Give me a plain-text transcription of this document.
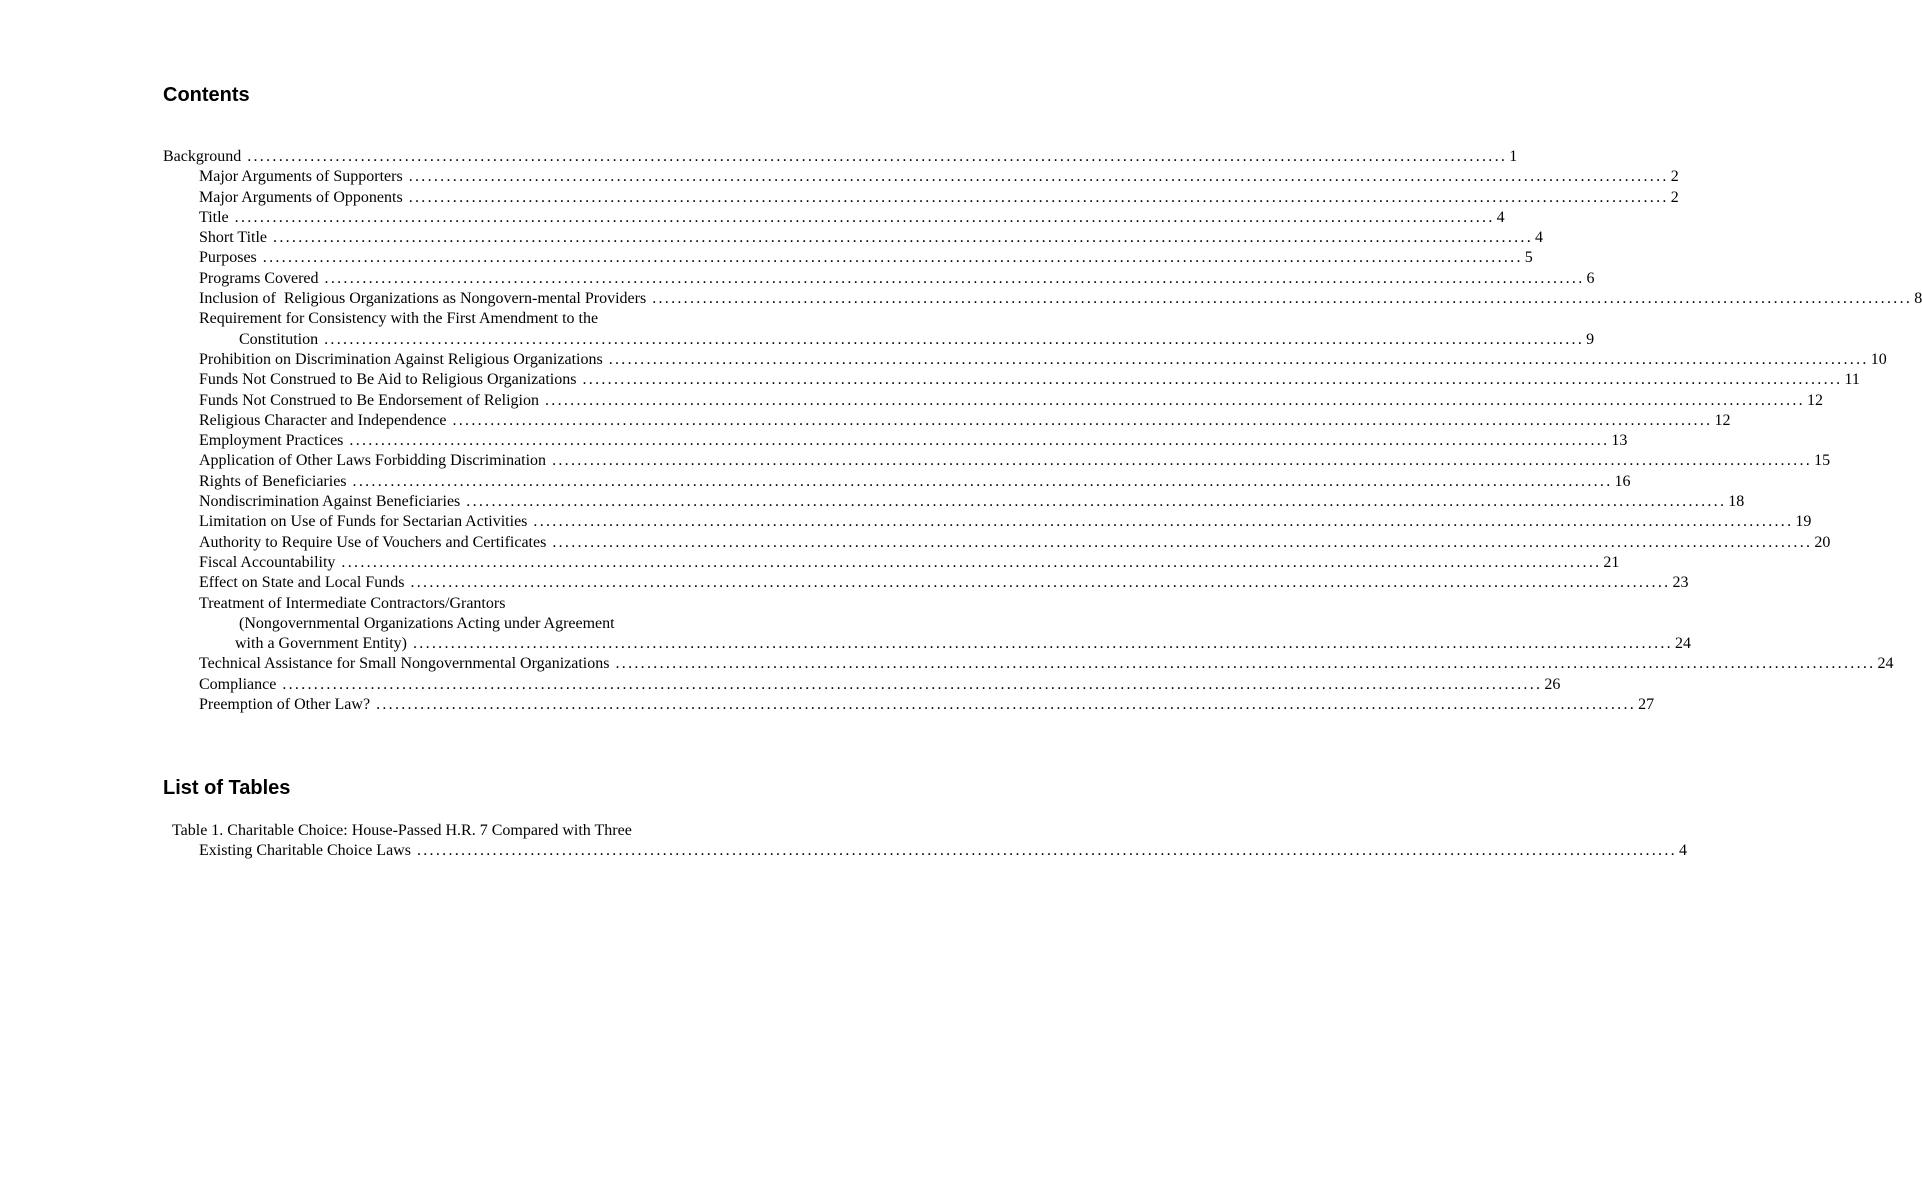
Contents
Background ........................................................................................................................................................................................................ 1
Major Arguments of Supporters ........................................................................................................................................................................................................ 2
Major Arguments of Opponents ........................................................................................................................................................................................................ 2
Title ........................................................................................................................................................................................................ 4
Short Title ........................................................................................................................................................................................................ 4
Purposes ........................................................................................................................................................................................................ 5
Programs Covered ........................................................................................................................................................................................................ 6
Inclusion of  Religious Organizations as Nongovern-mental Providers ........................................................................................................................................................................................................ 8
Requirement for Consistency with the First Amendment to the
Constitution ........................................................................................................................................................................................................ 9
Prohibition on Discrimination Against Religious Organizations ........................................................................................................................................................................................................ 10
Funds Not Construed to Be Aid to Religious Organizations ........................................................................................................................................................................................................ 11
Funds Not Construed to Be Endorsement of Religion ........................................................................................................................................................................................................ 12
Religious Character and Independence ........................................................................................................................................................................................................ 12
Employment Practices ........................................................................................................................................................................................................ 13
Application of Other Laws Forbidding Discrimination ........................................................................................................................................................................................................ 15
Rights of Beneficiaries ........................................................................................................................................................................................................ 16
Nondiscrimination Against Beneficiaries ........................................................................................................................................................................................................ 18
Limitation on Use of Funds for Sectarian Activities ........................................................................................................................................................................................................ 19
Authority to Require Use of Vouchers and Certificates ........................................................................................................................................................................................................ 20
Fiscal Accountability ........................................................................................................................................................................................................ 21
Effect on State and Local Funds ........................................................................................................................................................................................................ 23
Treatment of Intermediate Contractors/Grantors
(Nongovernmental Organizations Acting under Agreement
with a Government Entity) ........................................................................................................................................................................................................ 24
Technical Assistance for Small Nongovernmental Organizations ........................................................................................................................................................................................................ 24
Compliance ........................................................................................................................................................................................................ 26
Preemption of Other Law? ........................................................................................................................................................................................................ 27
List of Tables
Table 1. Charitable Choice: House-Passed H.R. 7 Compared with Three
Existing Charitable Choice Laws ........................................................................................................................................................................................................ 4
